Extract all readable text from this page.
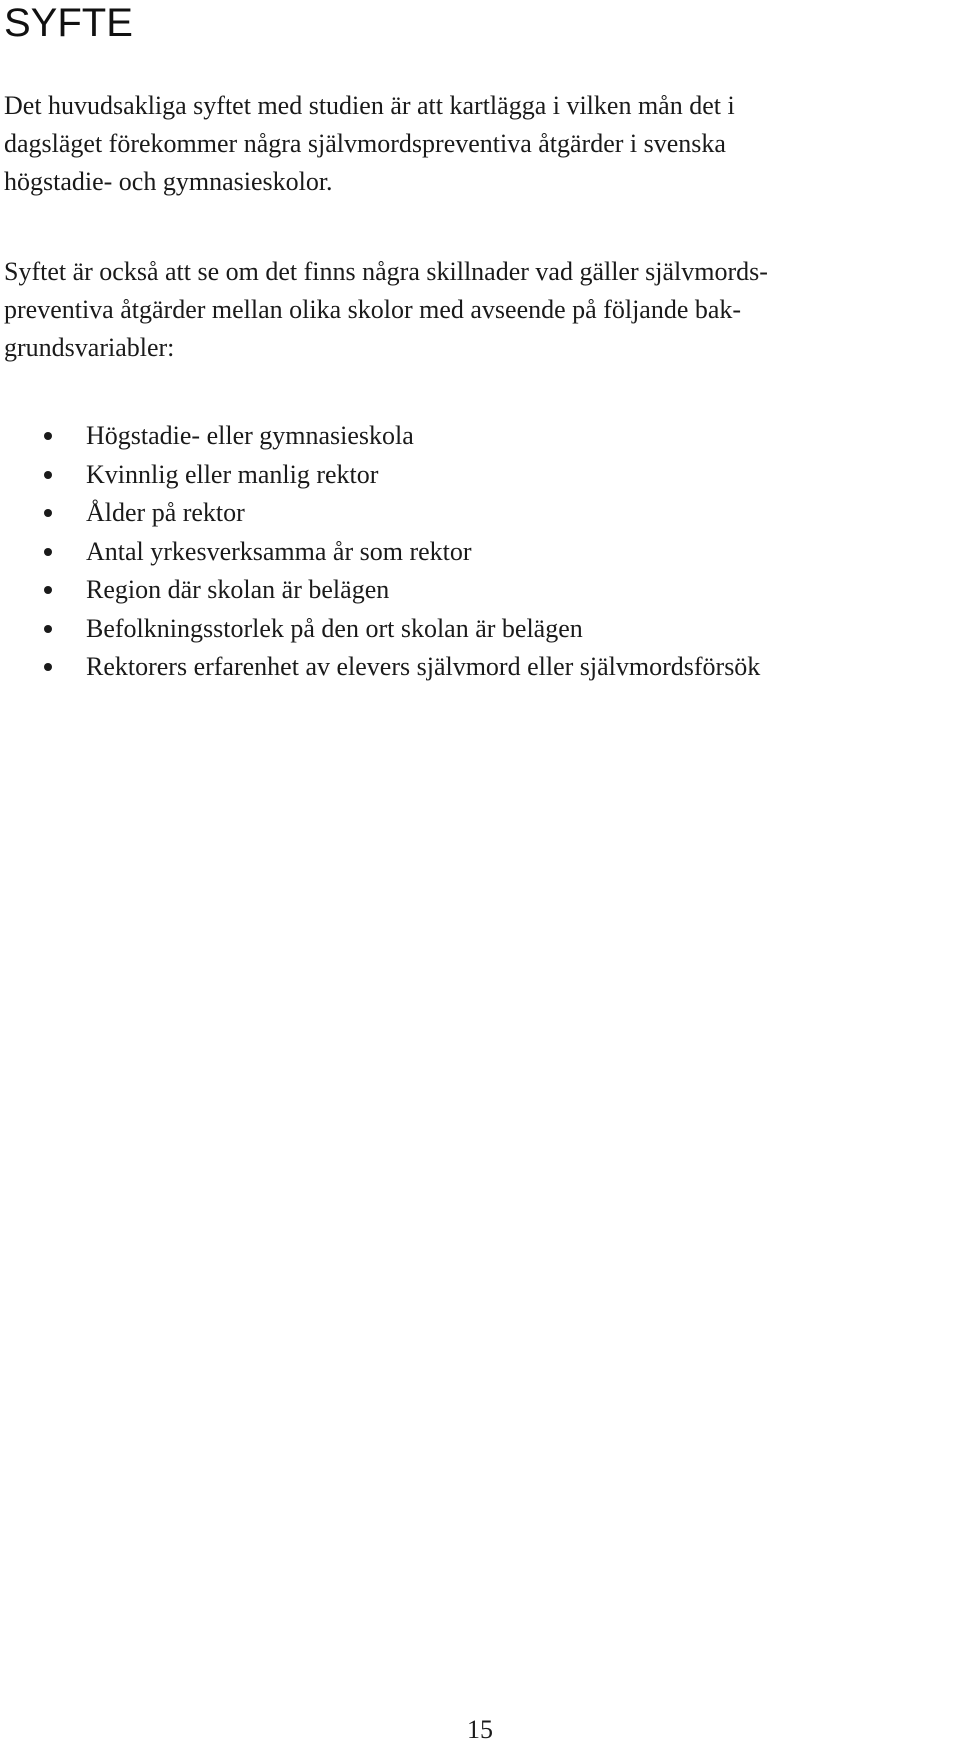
SYFTE

Det huvudsakliga syftet med studien är att kartlägga i vilken mån det i
dagsläget förekommer några självmordspreventiva åtgärder i svenska
högstadie- och gymnasieskolor.

Syftet är också att se om det finns några skillnader vad gäller självmords-
preventiva åtgärder mellan olika skolor med avseende på följande bak-
grundsvariabler:

Högstadie- eller gymnasieskola
Kvinnlig eller manlig rektor
Ålder på rektor
Antal yrkesverksamma år som rektor
Region där skolan är belägen
Befolkningsstorlek på den ort skolan är belägen
Rektorers erfarenhet av elevers självmord eller självmordsförsök

15
